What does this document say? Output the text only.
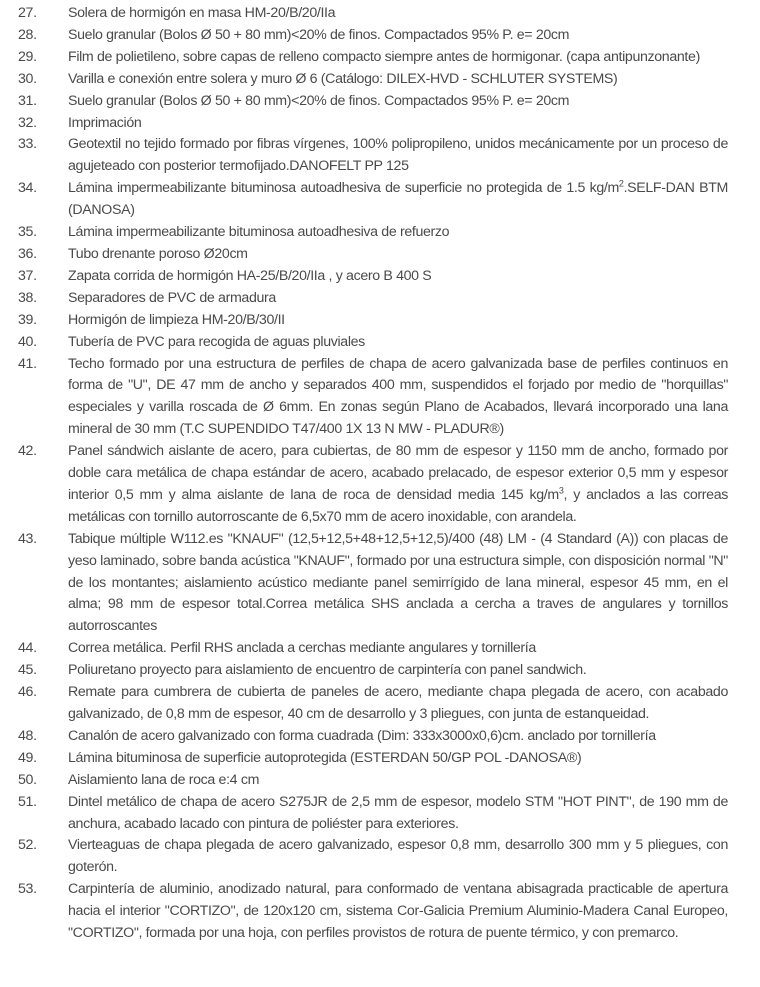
27.	Solera de hormigón en masa HM-20/B/20/IIa
28.	Suelo granular (Bolos Ø 50 + 80 mm)<20% de finos. Compactados 95% P. e= 20cm
29.	Film de polietileno, sobre capas de relleno compacto siempre antes de hormigonar. (capa antipunzonante)
30.	Varilla e conexión entre solera y muro Ø 6 (Catálogo: DILEX-HVD - SCHLUTER SYSTEMS)
31.	Suelo granular (Bolos Ø 50 + 80 mm)<20% de finos. Compactados 95% P. e= 20cm
32.	Imprimación
33.	Geotextil no tejido formado por fibras vírgenes, 100% polipropileno, unidos mecánicamente por un proceso de agujeteado con posterior termofijado.DANOFELT PP 125
34.	Lámina impermeabilizante bituminosa autoadhesiva de superficie no protegida de 1.5 $kg/m^2.SELF$-DAN BTM (DANOSA)
35.	Lámina impermeabilizante bituminosa autoadhesiva de refuerzo
36.	Tubo drenante poroso Ø20cm
37.	Zapata corrida de hormigón HA-25/B/20/IIa , y acero B 400 S
38.	Separadores de PVC de armadura
39.	Hormigón de limpieza HM-20/B/30/II
40.	Tubería de PVC para recogida de aguas pluviales
41.	Techo formado por una estructura de perfiles de chapa de acero galvanizada base de perfiles continuos en forma de "U", DE 47 mm de ancho y separados 400 mm, suspendidos el forjado por medio de "horquillas" especiales y varilla roscada de Ø 6mm. En zonas según Plano de Acabados, llevará incorporado una lana mineral de 30 mm (T.C SUPENDIDO T47/400 1X 13 N MW - PLADUR®)
42.	Panel sándwich aislante de acero, para cubiertas, de 80 mm de espesor y 1150 mm de ancho, formado por doble cara metálica de chapa estándar de acero, acabado prelacado, de espesor exterior 0,5 mm y espesor interior 0,5 mm y alma aislante de lana de roca de densidad media 145 $kg/m^3$, y anclados a las correas metálicas con tornillo autorroscante de 6,5x70 mm de acero inoxidable, con arandela.
43.	Tabique múltiple W112.es "KNAUF" (12,5+12,5+48+12,5+12,5)/400 (48) LM - (4 Standard (A)) con placas de yeso laminado, sobre banda acústica "KNAUF", formado por una estructura simple, con disposición normal "N" de los montantes; aislamiento acústico mediante panel semirrígido de lana mineral, espesor 45 mm, en el alma; 98 mm de espesor total.Correa metálica SHS anclada a cercha a traves de angulares y tornillos autorroscantes
44.	Correa metálica. Perfil RHS anclada a cerchas mediante angulares y tornillería
45.	Poliuretano proyecto para aislamiento de encuentro de carpintería con panel sandwich.
46.	Remate para cumbrera de cubierta de paneles de acero, mediante chapa plegada de acero, con acabado galvanizado, de 0,8 mm de espesor, 40 cm de desarrollo y 3 pliegues, con junta de estanqueidad.
48.	Canalón de acero galvanizado con forma cuadrada (Dim: 333x3000x0,6)cm. anclado por tornillería
49.	Lámina bituminosa de superficie autoprotegida (ESTERDAN 50/GP POL -DANOSA®)
50.	Aislamiento lana de roca e:4 cm
51.	Dintel metálico de chapa de acero S275JR de 2,5 mm de espesor, modelo STM "HOT PINT", de 190 mm de anchura, acabado lacado con pintura de poliéster para exteriores.
52.	Vierteaguas de chapa plegada de acero galvanizado, espesor 0,8 mm, desarrollo 300 mm y 5 pliegues, con goterón.
53.	Carpintería de aluminio, anodizado natural, para conformado de ventana abisagrada practicable de apertura hacia el interior "CORTIZO", de 120x120 cm, sistema Cor-Galicia Premium Aluminio-Madera Canal Europeo, "CORTIZO", formada por una hoja, con perfiles provistos de rotura de puente térmico, y con premarco.
